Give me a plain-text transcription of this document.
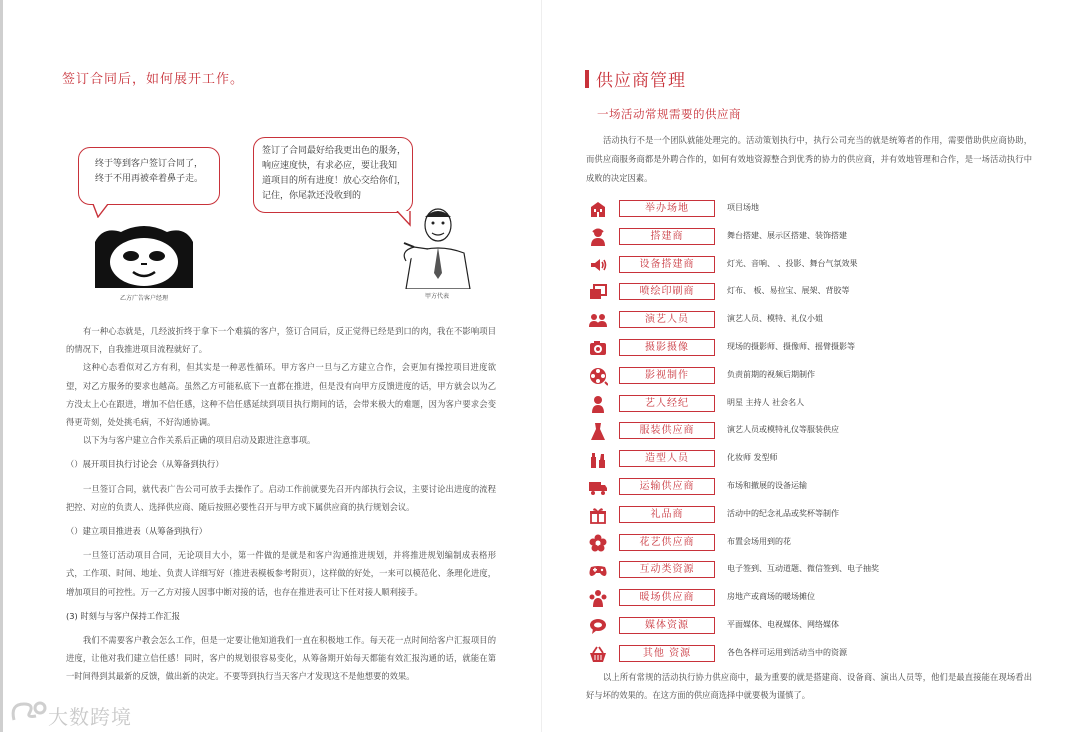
签订合同后，如何展开工作。
终于等到客户签订合同了，
终于不用再被牵着鼻子走。
签订了合同最好给我更出色的服务，
响应速度快，有求必应，要让我知
道项目的所有进度！放心交给你们，
记住，你尾款还没收到的
乙方广告客户经理	甲方代表

有一种心态就是，几经波折终于拿下一个难搞的客户，签订合同后，反正觉得已经是到口的肉，我在不影响项目的情况下，自我推进项目流程就好了。

这种心态看似对乙方有利，但其实是一种恶性循环。甲方客户一旦与乙方建立合作，会更加有操控项目进度欲望，对乙方服务的要求也越高。虽然乙方可能私底下一直都在推进，但是没有向甲方反馈进度的话，甲方就会以为乙方没太上心在跟进，增加不信任感，这种不信任感延续到项目执行期间的话，会带来极大的难题，因为客户要求会变得更苛刻，处处挑毛病，不好沟通协调。

以下为与客户建立合作关系后正确的项目启动及跟进注意事项。

（）展开项目执行讨论会（从筹备到执行）

一旦签订合同，就代表广告公司可放手去操作了。启动工作前就要先召开内部执行会议，主要讨论出进度的流程把控、对应的负责人、选择供应商、随后按照必要性召开与甲方或下属供应商的执行规划会议。

（）建立项目推进表（从筹备到执行）

一旦签订活动项目合同，无论项目大小，第一件做的是就是和客户沟通推进规划，并将推进规划编制成表格形式，工作项、时间、地址、负责人详细写好（推进表模板参考附页），这样做的好处，一来可以模范化、条理化进度，增加项目的可控性。万一乙方对接人因事中断对接的话，也存在推进表可让下任对接人顺利接手。

(3) 时刻与与客户保持工作汇报

我们不需要客户教会怎么工作，但是一定要让他知道我们一直在积极地工作。每天花一点时间给客户汇报项目的进度，让他对我们建立信任感！同时，客户的规划很容易变化，从筹备期开始每天都能有效汇报沟通的话，就能在第一时间得到其最新的反馈，做出新的决定。不要等到执行当天客户才发现这不是他想要的效果。

供应商管理
一场活动常规需要的供应商

活动执行不是一个团队就能处理完的。活动策划执行中，执行公司充当的就是统筹者的作用，需要借助供应商协助，而供应商服务商都是外聘合作的，如何有效地资源整合到优秀的协力的供应商，并有效地管理和合作，是一场活动执行中成败的决定因素。

举办场地	项目场地
搭建商	舞台搭建、展示区搭建、装饰搭建
设备搭建商	灯光、音响、 、投影、舞台气氛效果
喷绘印刷商	灯布、 板、易拉宝、展架、背胶等
演艺人员	演艺人员、模特、礼仪小姐
摄影摄像	现场的摄影师、摄像师、摇臂摄影等
影视制作	负责前期的视频后期制作
艺人经纪	明星 主持人 社会名人
服装供应商	演艺人员或模特礼仪等服装供应
造型人员	化妆师 发型师
运输供应商	布场和撤展的设备运输
礼品商	活动中的纪念礼品或奖杯等制作
花艺供应商	布置会场用到的花
互动类资源	电子签到、互动道题、微信签到、电子抽奖
暖场供应商	房地产或商场的暖场摊位
媒体资源	平面媒体、电视媒体、网络媒体
其他 资源	各色各样可运用到活动当中的资源

以上所有常规的活动执行协力供应商中，最为重要的就是搭建商、设备商、演出人员等，他们是最直接能在现场看出好与坏的效果的。在这方面的供应商选择中就要极为谨慎了。

大数跨境
